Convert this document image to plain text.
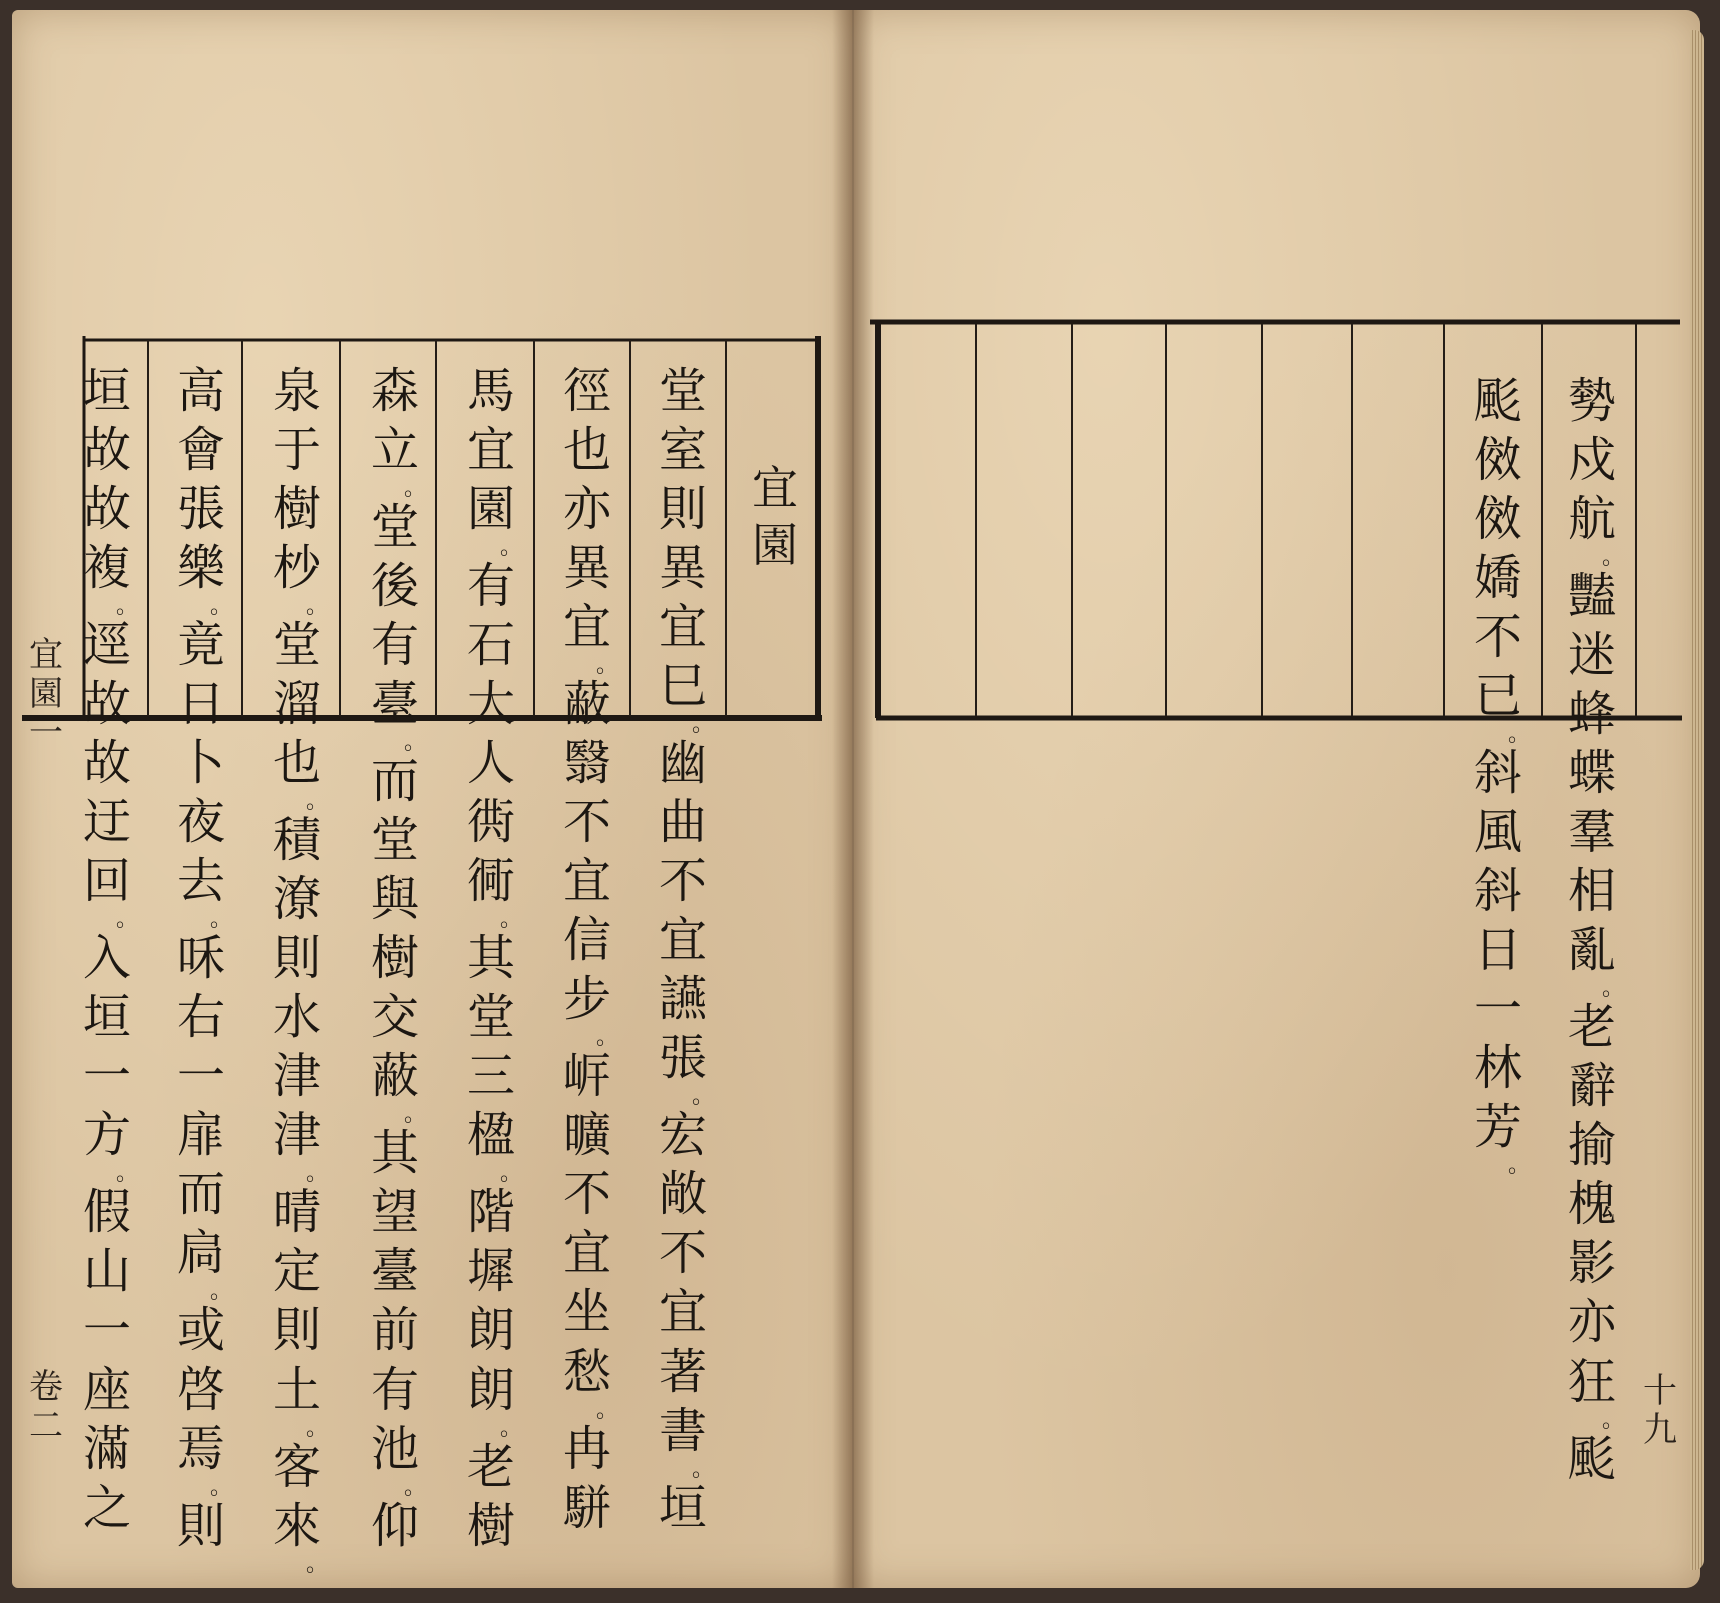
宜
園
堂
室
則
異
宜
巳
。
幽
曲
不
宜
讌
張
。
宏
敞
不
宜
著
書
。
垣
徑
也
亦
異
宜
。
蔽
翳
不
宜
信
步
。
㟁
曠
不
宜
坐
愁
。
冉
駢
馬
宜
園
。
有
石
大
人
衖
衕
。
其
堂
三
楹
。
階
墀
朗
朗
。
老
樹
森
立
。
堂
後
有
臺
。
而
堂
與
樹
交
蔽
。
其
望
臺
前
有
池
。
仰
泉
于
樹
杪
。
堂
溜
也
。
積
潦
則
水
津
津
。
晴
定
則
土
。
客
來
。
高
會
張
樂
。
竟
日
卜
夜
去
。
咊
右
一
扉
而
扃
。
或
啓
焉
。
則
垣
故
故
複
。
逕
故
故
迂
回
。
入
垣
一
方
。
假
山
一
座
滿
之
宜
園
一
卷
二
勢
戍
航
。
豔
迷
蜂
蝶
羣
相
亂
。
老
辭
揄
槐
影
亦
狂
。
颩
颩
傚
傚
嬌
不
已
。
斜
風
斜
日
一
林
芳
。
十
九
